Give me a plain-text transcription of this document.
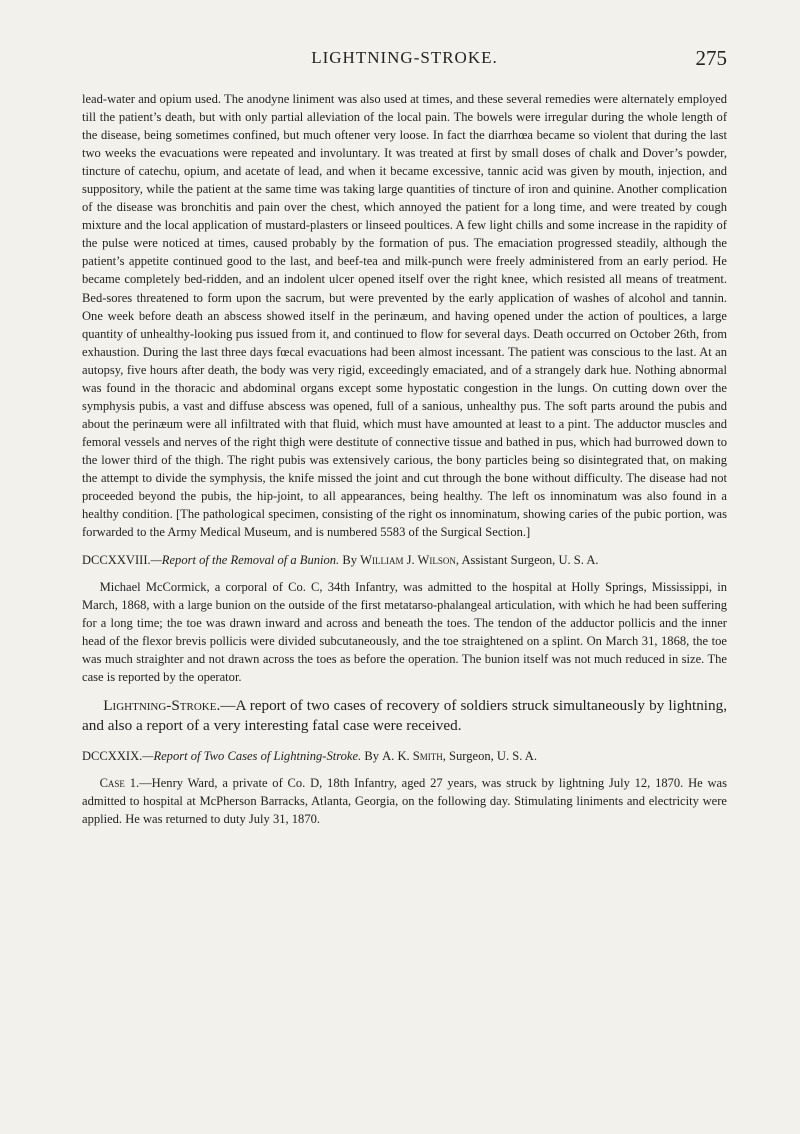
LIGHTNING-STROKE.	275

lead-water and opium used. The anodyne liniment was also used at times, and these several remedies were alternately employed till the patient’s death, but with only partial alleviation of the local pain. The bowels were irregular during the whole length of the disease, being sometimes confined, but much oftener very loose. In fact the diarrhœa became so violent that during the last two weeks the evacuations were repeated and involuntary. It was treated at first by small doses of chalk and Dover’s powder, tincture of catechu, opium, and acetate of lead, and when it became excessive, tannic acid was given by mouth, injection, and suppository, while the patient at the same time was taking large quantities of tincture of iron and quinine. Another complication of the disease was bronchitis and pain over the chest, which annoyed the patient for a long time, and were treated by cough mixture and the local application of mustard-plasters or linseed poultices. A few light chills and some increase in the rapidity of the pulse were noticed at times, caused probably by the formation of pus. The emaciation progressed steadily, although the patient’s appetite continued good to the last, and beef-tea and milk-punch were freely administered from an early period. He became completely bed-ridden, and an indolent ulcer opened itself over the right knee, which resisted all means of treatment. Bed-sores threatened to form upon the sacrum, but were prevented by the early application of washes of alcohol and tannin. One week before death an abscess showed itself in the perinæum, and having opened under the action of poultices, a large quantity of unhealthy-looking pus issued from it, and continued to flow for several days. Death occurred on October 26th, from exhaustion. During the last three days fœcal evacuations had been almost incessant. The patient was conscious to the last. At an autopsy, five hours after death, the body was very rigid, exceedingly emaciated, and of a strangely dark hue. Nothing abnormal was found in the thoracic and abdominal organs except some hypostatic congestion in the lungs. On cutting down over the symphysis pubis, a vast and diffuse abscess was opened, full of a sanious, unhealthy pus. The soft parts around the pubis and about the perinæum were all infiltrated with that fluid, which must have amounted at least to a pint. The adductor muscles and femoral vessels and nerves of the right thigh were destitute of connective tissue and bathed in pus, which had burrowed down to the lower third of the thigh. The right pubis was extensively carious, the bony particles being so disintegrated that, on making the attempt to divide the symphysis, the knife missed the joint and cut through the bone without difficulty. The disease had not proceeded beyond the pubis, the hip-joint, to all appearances, being healthy. The left os innominatum was also found in a healthy condition. [The pathological specimen, consisting of the right os innominatum, showing caries of the pubic portion, was forwarded to the Army Medical Museum, and is numbered 5583 of the Surgical Section.]

DCCXXVIII.—Report of the Removal of a Bunion. By William J. Wilson, Assistant Surgeon, U. S. A.

Michael McCormick, a corporal of Co. C, 34th Infantry, was admitted to the hospital at Holly Springs, Mississippi, in March, 1868, with a large bunion on the outside of the first metatarso-phalangeal articulation, with which he had been suffering for a long time; the toe was drawn inward and across and beneath the toes. The tendon of the adductor pollicis and the inner head of the flexor brevis pollicis were divided subcutaneously, and the toe straightened on a splint. On March 31, 1868, the toe was much straighter and not drawn across the toes as before the operation. The bunion itself was not much reduced in size. The case is reported by the operator.

Lightning-Stroke.—A report of two cases of recovery of soldiers struck simultaneously by lightning, and also a report of a very interesting fatal case were received.

DCCXXIX.—Report of Two Cases of Lightning-Stroke. By A. K. Smith, Surgeon, U. S. A.

Case 1.—Henry Ward, a private of Co. D, 18th Infantry, aged 27 years, was struck by lightning July 12, 1870. He was admitted to hospital at McPherson Barracks, Atlanta, Georgia, on the following day. Stimulating liniments and electricity were applied. He was returned to duty July 31, 1870.
